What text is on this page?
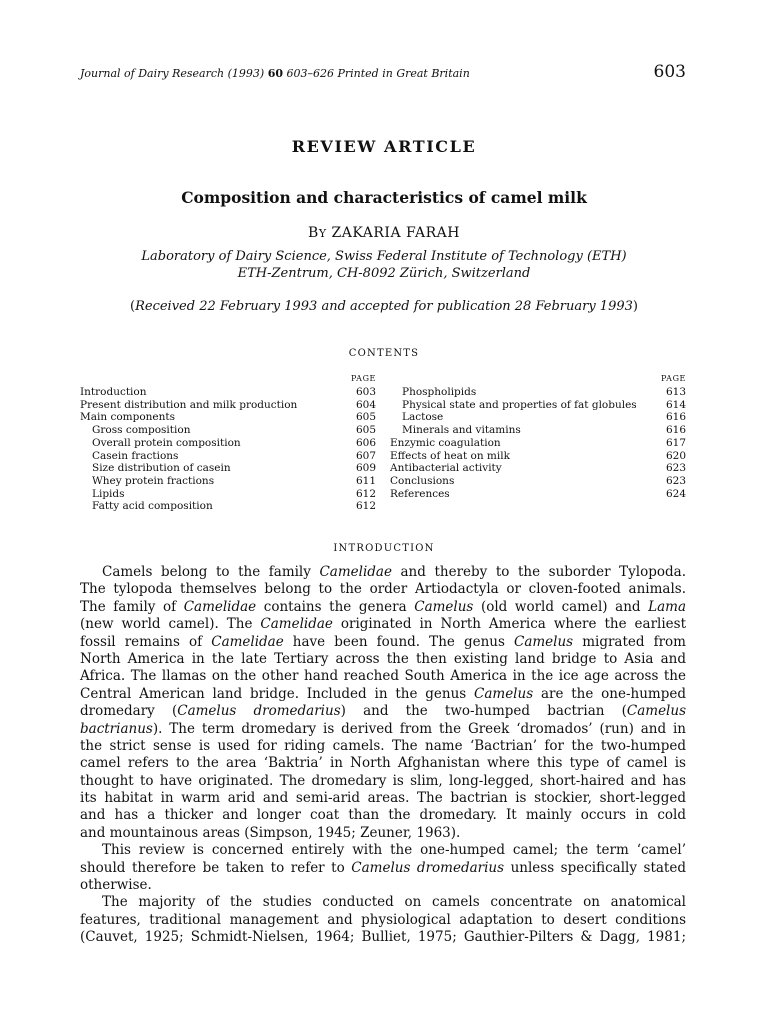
Journal of Dairy Research (1993) 60 603–626 Printed in Great Britain	603
REVIEW ARTICLE
Composition and characteristics of camel milk
BY ZAKARIA FARAH
Laboratory of Dairy Science, Swiss Federal Institute of Technology (ETH)
ETH-Zentrum, CH-8092 Zürich, Switzerland
(Received 22 February 1993 and accepted for publication 28 February 1993)
CONTENTS
PAGE
Introduction	603
Present distribution and milk production	604
Main components	605
Gross composition	605
Overall protein composition	606
Casein fractions	607
Size distribution of casein	609
Whey protein fractions	611
Lipids	612
Fatty acid composition	612
PAGE
Phospholipids	613
Physical state and properties of fat globules	614
Lactose	616
Minerals and vitamins	616
Enzymic coagulation	617
Effects of heat on milk	620
Antibacterial activity	623
Conclusions	623
References	624
INTRODUCTION
Camels belong to the family Camelidae and thereby to the suborder Tylopoda.
The tylopoda themselves belong to the order Artiodactyla or cloven-footed animals.
The family of Camelidae contains the genera Camelus (old world camel) and Lama
(new world camel). The Camelidae originated in North America where the earliest
fossil remains of Camelidae have been found. The genus Camelus migrated from
North America in the late Tertiary across the then existing land bridge to Asia and
Africa. The llamas on the other hand reached South America in the ice age across the
Central American land bridge. Included in the genus Camelus are the one-humped
dromedary (Camelus dromedarius) and the two-humped bactrian (Camelus
bactrianus). The term dromedary is derived from the Greek ‘dromados’ (run) and in
the strict sense is used for riding camels. The name ‘Bactrian’ for the two-humped
camel refers to the area ‘Baktria’ in North Afghanistan where this type of camel is
thought to have originated. The dromedary is slim, long-legged, short-haired and has
its habitat in warm arid and semi-arid areas. The bactrian is stockier, short-legged
and has a thicker and longer coat than the dromedary. It mainly occurs in cold
and mountainous areas (Simpson, 1945; Zeuner, 1963).
This review is concerned entirely with the one-humped camel; the term ‘camel’
should therefore be taken to refer to Camelus dromedarius unless specifically stated
otherwise.
The majority of the studies conducted on camels concentrate on anatomical
features, traditional management and physiological adaptation to desert conditions
(Cauvet, 1925; Schmidt-Nielsen, 1964; Bulliet, 1975; Gauthier-Pilters & Dagg, 1981;
